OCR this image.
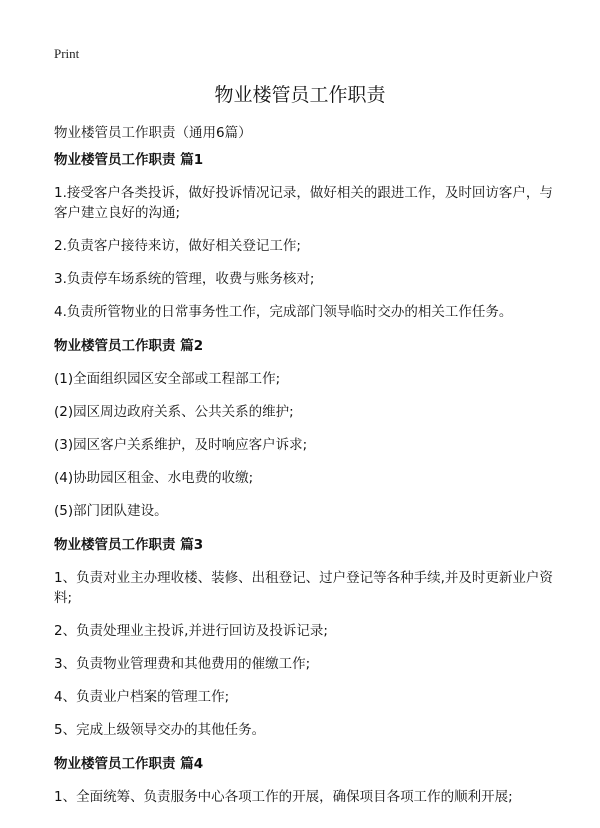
Print
物业楼管员工作职责

物业楼管员工作职责（通用6篇）

物业楼管员工作职责 篇1

1.接受客户各类投诉，做好投诉情况记录，做好相关的跟进工作，及时回访客户，与客户建立良好的沟通;

2.负责客户接待来访，做好相关登记工作;

3.负责停车场系统的管理，收费与账务核对;

4.负责所管物业的日常事务性工作，完成部门领导临时交办的相关工作任务。

物业楼管员工作职责 篇2

(1)全面组织园区安全部或工程部工作;

(2)园区周边政府关系、公共关系的维护;

(3)园区客户关系维护，及时响应客户诉求;

(4)协助园区租金、水电费的收缴;

(5)部门团队建设。

物业楼管员工作职责 篇3

1、负责对业主办理收楼、装修、出租登记、过户登记等各种手续,并及时更新业户资料;

2、负责处理业主投诉,并进行回访及投诉记录;

3、负责物业管理费和其他费用的催缴工作;

4、负责业户档案的管理工作;

5、完成上级领导交办的其他任务。

物业楼管员工作职责 篇4

1、全面统筹、负责服务中心各项工作的开展，确保项目各项工作的顺利开展;
